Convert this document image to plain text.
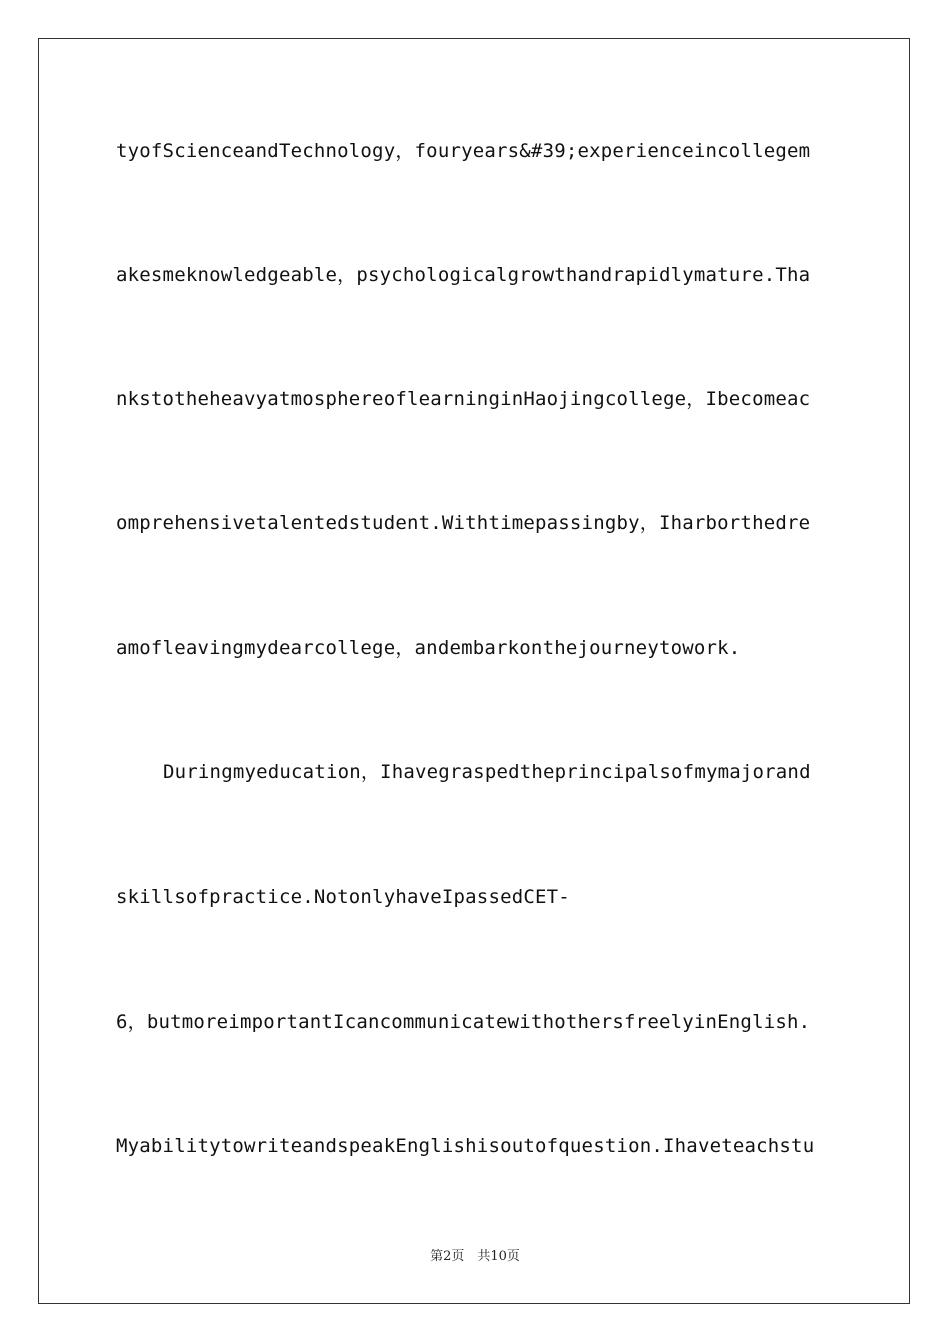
tyofScienceandTechnology，fouryears&#39;experienceincollegem
akesmeknowledgeable，psychologicalgrowthandrapidlymature.Tha
nkstotheheavyatmosphereoflearninginHaojingcollege，Ibecomeac
omprehensivetalentedstudent.Withtimepassingby，Iharborthedre
amofleavingmydearcollege，andembarkonthejourneytowork.
Duringmyeducation，Ihavegraspedtheprincipalsofmymajorand
skillsofpractice.NotonlyhaveIpassedCET-
6，butmoreimportantIcancommunicatewithothersfreelyinEnglish.
MyabilitytowriteandspeakEnglishisoutofquestion.Ihaveteachstu
第2页　共10页
